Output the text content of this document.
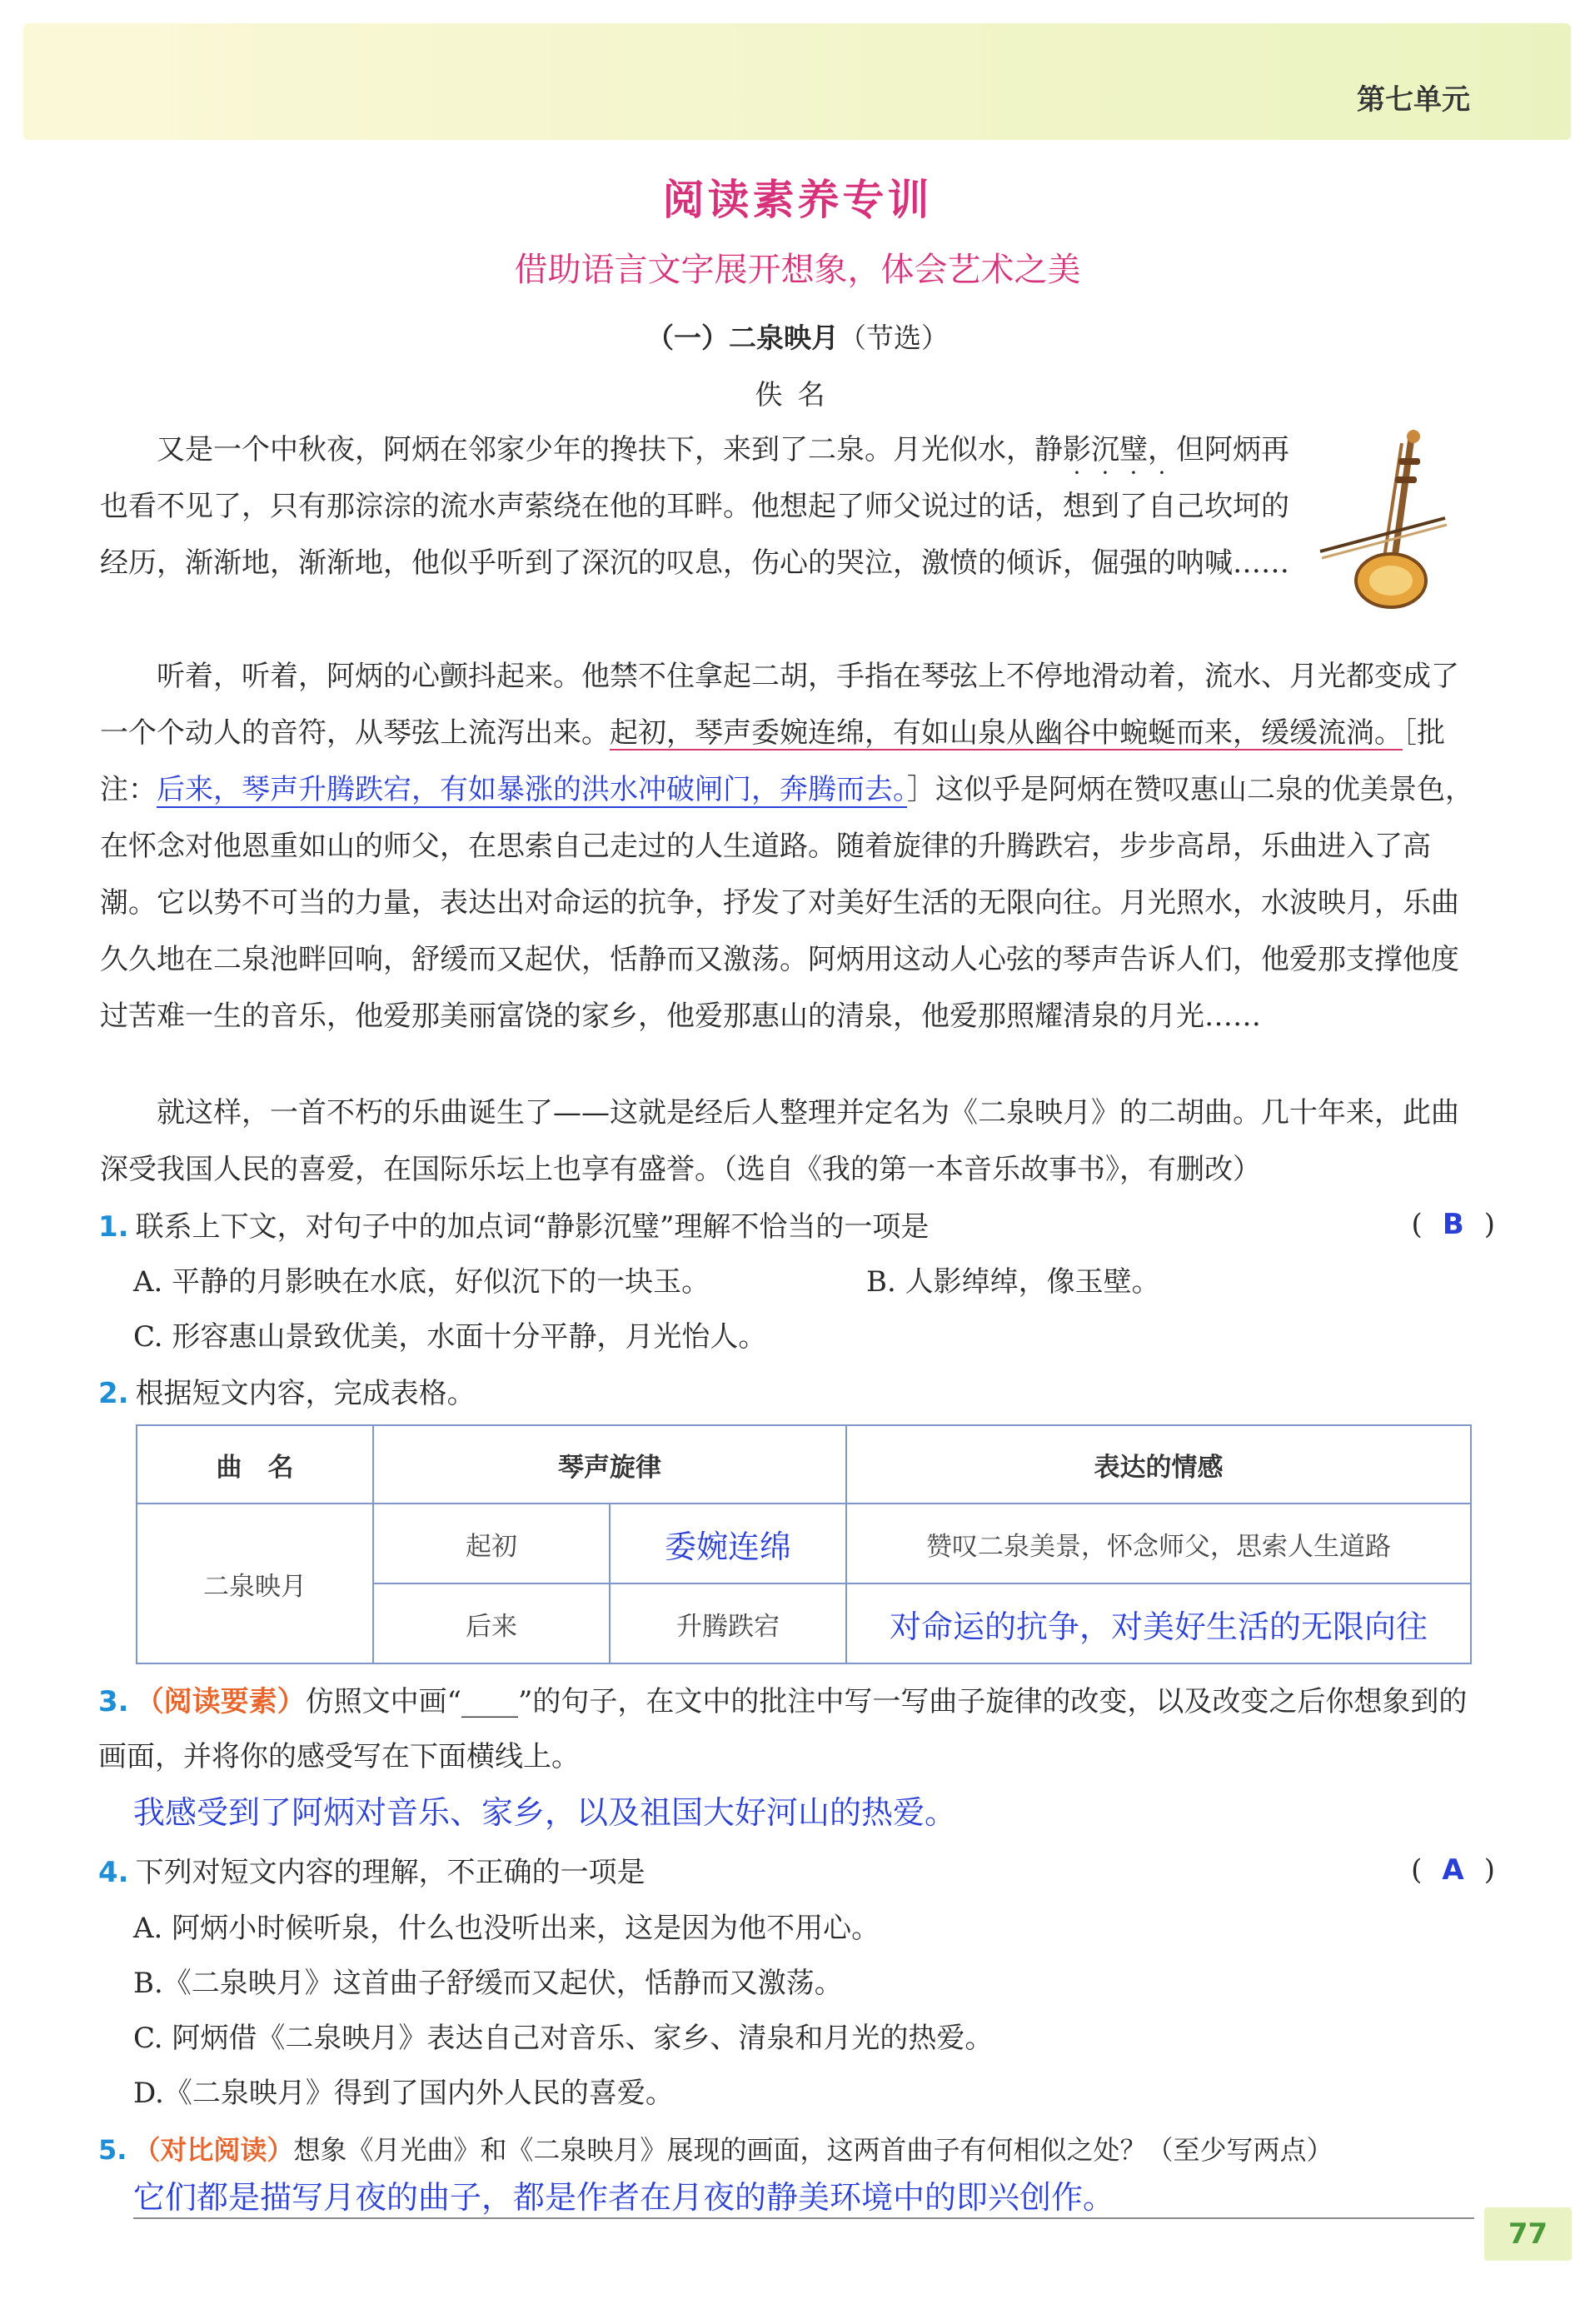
第七单元
阅读素养专训
借助语言文字展开想象，体会艺术之美
（一）二泉映月（节选）
佚名
又是一个中秋夜，阿炳在邻家少年的搀扶下，来到了二泉。月光似水，静影沉璧，但阿炳再也看不见了，只有那淙淙的流水声萦绕在他的耳畔。他想起了师父说过的话，想到了自己坎坷的经历，渐渐地，渐渐地，他似乎听到了深沉的叹息，伤心的哭泣，激愤的倾诉，倔强的呐喊……
听着，听着，阿炳的心颤抖起来。他禁不住拿起二胡，手指在琴弦上不停地滑动着，流水、月光都变成了一个个动人的音符，从琴弦上流泻出来。起初，琴声委婉连绵，有如山泉从幽谷中蜿蜒而来，缓缓流淌。［批注：后来，琴声升腾跌宕，有如暴涨的洪水冲破闸门，奔腾而去。］这似乎是阿炳在赞叹惠山二泉的优美景色，在怀念对他恩重如山的师父，在思索自己走过的人生道路。随着旋律的升腾跌宕，步步高昂，乐曲进入了高潮。它以势不可当的力量，表达出对命运的抗争，抒发了对美好生活的无限向往。月光照水，水波映月，乐曲久久地在二泉池畔回响，舒缓而又起伏，恬静而又激荡。阿炳用这动人心弦的琴声告诉人们，他爱那支撑他度过苦难一生的音乐，他爱那美丽富饶的家乡，他爱那惠山的清泉，他爱那照耀清泉的月光……
就这样，一首不朽的乐曲诞生了——这就是经后人整理并定名为《二泉映月》的二胡曲。几十年来，此曲深受我国人民的喜爱，在国际乐坛上也享有盛誉。（选自《我的第一本音乐故事书》，有删改）
1. 联系上下文，对句子中的加点词“静影沉璧”理解不恰当的一项是	( B )
A. 平静的月影映在水底，好似沉下的一块玉。	B. 人影绰绰，像玉壁。
C. 形容惠山景致优美，水面十分平静，月光怡人。
2. 根据短文内容，完成表格。
曲　名	琴声旋律		表达的情感
二泉映月	起初	委婉连绵	赞叹二泉美景，怀念师父，思索人生道路
	后来	升腾跌宕	对命运的抗争，对美好生活的无限向往
3. （阅读要素）仿照文中画“____”的句子，在文中的批注中写一写曲子旋律的改变，以及改变之后你想象到的画面，并将你的感受写在下面横线上。
我感受到了阿炳对音乐、家乡，以及祖国大好河山的热爱。
4. 下列对短文内容的理解，不正确的一项是	( A )
A. 阿炳小时候听泉，什么也没听出来，这是因为他不用心。
B.《二泉映月》这首曲子舒缓而又起伏，恬静而又激荡。
C. 阿炳借《二泉映月》表达自己对音乐、家乡、清泉和月光的热爱。
D.《二泉映月》得到了国内外人民的喜爱。
5. （对比阅读）想象《月光曲》和《二泉映月》展现的画面，这两首曲子有何相似之处？（至少写两点）
它们都是描写月夜的曲子，都是作者在月夜的静美环境中的即兴创作。
77
